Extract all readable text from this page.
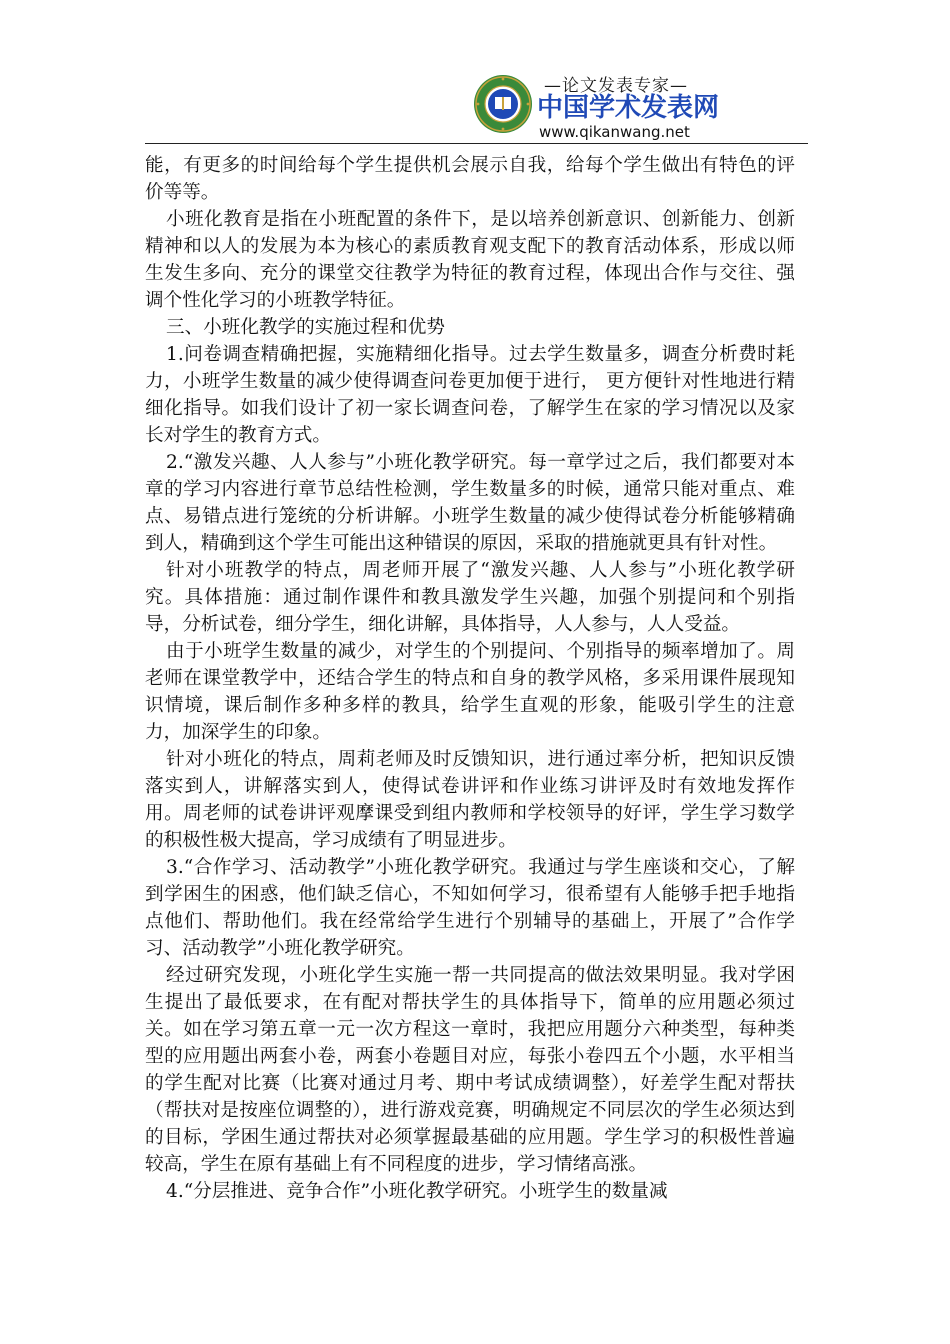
—论文发表专家—
中国学术发表网
www.qikanwang.net

能，有更多的时间给每个学生提供机会展示自我，给每个学生做出有特色的评价等等。

小班化教育是指在小班配置的条件下，是以培养创新意识、创新能力、创新精神和以人的发展为本为核心的素质教育观支配下的教育活动体系，形成以师生发生多向、充分的课堂交往教学为特征的教育过程，体现出合作与交往、强调个性化学习的小班教学特征。

三、小班化教学的实施过程和优势

1.问卷调查精确把握，实施精细化指导。过去学生数量多，调查分析费时耗力，小班学生数量的减少使得调查问卷更加便于进行， 更方便针对性地进行精细化指导。如我们设计了初一家长调查问卷，了解学生在家的学习情况以及家长对学生的教育方式。

2.“激发兴趣、人人参与”小班化教学研究。每一章学过之后，我们都要对本章的学习内容进行章节总结性检测，学生数量多的时候，通常只能对重点、难点、易错点进行笼统的分析讲解。小班学生数量的减少使得试卷分析能够精确到人，精确到这个学生可能出这种错误的原因，采取的措施就更具有针对性。

针对小班教学的特点，周老师开展了“激发兴趣、人人参与”小班化教学研究。具体措施：通过制作课件和教具激发学生兴趣，加强个别提问和个别指导，分析试卷，细分学生，细化讲解，具体指导，人人参与，人人受益。

由于小班学生数量的减少，对学生的个别提问、个别指导的频率增加了。周老师在课堂教学中，还结合学生的特点和自身的教学风格，多采用课件展现知识情境，课后制作多种多样的教具，给学生直观的形象，能吸引学生的注意力，加深学生的印象。

针对小班化的特点，周莉老师及时反馈知识，进行通过率分析，把知识反馈落实到人，讲解落实到人，使得试卷讲评和作业练习讲评及时有效地发挥作用。周老师的试卷讲评观摩课受到组内教师和学校领导的好评，学生学习数学的积极性极大提高，学习成绩有了明显进步。

3.“合作学习、活动教学”小班化教学研究。我通过与学生座谈和交心，了解到学困生的困惑，他们缺乏信心，不知如何学习，很希望有人能够手把手地指点他们、帮助他们。我在经常给学生进行个别辅导的基础上，开展了”合作学习、活动教学”小班化教学研究。

经过研究发现，小班化学生实施一帮一共同提高的做法效果明显。我对学困生提出了最低要求，在有配对帮扶学生的具体指导下，简单的应用题必须过关。如在学习第五章一元一次方程这一章时，我把应用题分六种类型，每种类型的应用题出两套小卷，两套小卷题目对应，每张小卷四五个小题，水平相当的学生配对比赛（比赛对通过月考、期中考试成绩调整），好差学生配对帮扶（帮扶对是按座位调整的），进行游戏竞赛，明确规定不同层次的学生必须达到的目标，学困生通过帮扶对必须掌握最基础的应用题。学生学习的积极性普遍较高，学生在原有基础上有不同程度的进步，学习情绪高涨。

4.“分层推进、竞争合作”小班化教学研究。小班学生的数量减
